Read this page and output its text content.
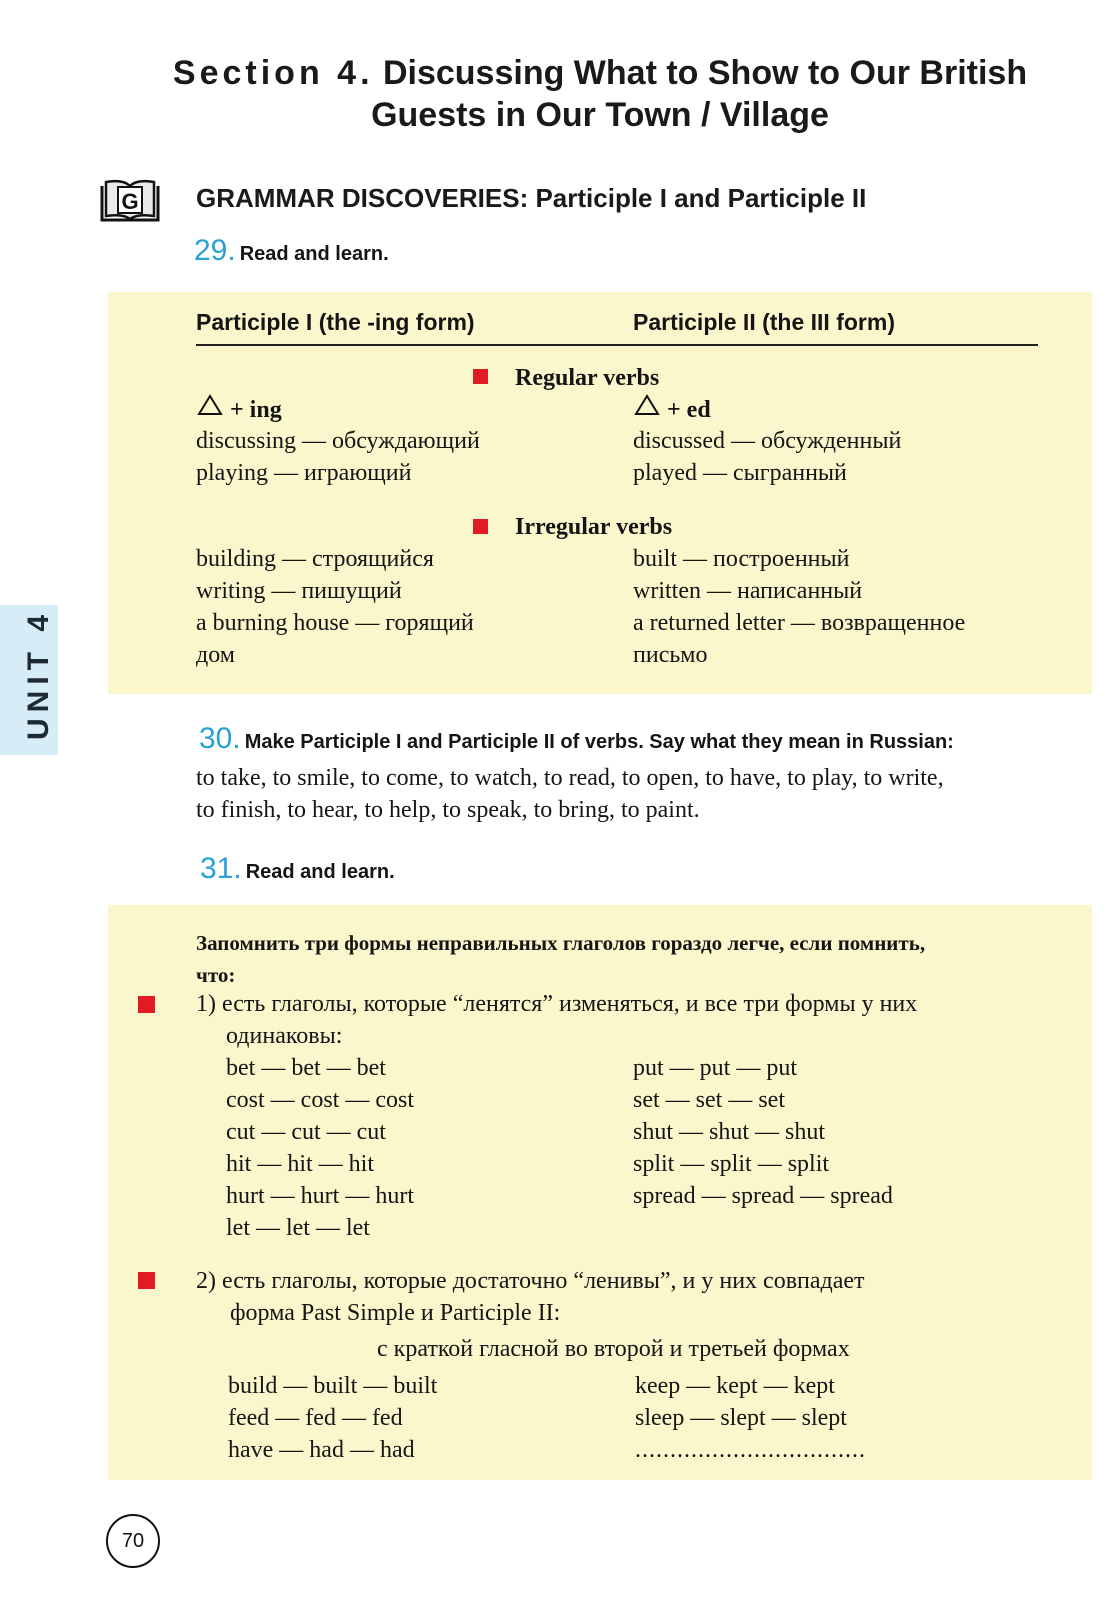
Section 4. Discussing What to Show to Our British
Guests in Our Town / Village
UNIT 4
G GRAMMAR DISCOVERIES: Participle I and Participle II
29. Read and learn.
Participle I (the -ing form)	Participle II (the III form)
Regular verbs
+ ing	+ ed
discussing — обсуждающий
playing — играющий
discussed — обсужденный
played — сыгранный
Irregular verbs
building — строящийся
writing — пишущий
a burning house — горящий
дом
built — построенный
written — написанный
a returned letter — возвращенное
письмо
30. Make Participle I and Participle II of verbs. Say what they mean in Russian:
to take, to smile, to come, to watch, to read, to open, to have, to play, to write,
to finish, to hear, to help, to speak, to bring, to paint.
31. Read and learn.
Запомнить три формы неправильных глаголов гораздо легче, если помнить,
что:
1) есть глаголы, которые “ленятся” изменяться, и все три формы у них
одинаковы:
bet — bet — bet
cost — cost — cost
cut — cut — cut
hit — hit — hit
hurt — hurt — hurt
let — let — let
put — put — put
set — set — set
shut — shut — shut
split — split — split
spread — spread — spread
2) есть глаголы, которые достаточно “ленивы”, и у них совпадает
форма Past Simple и Participle II:
с краткой гласной во второй и третьей формах
build — built — built
feed — fed — fed
have — had — had
keep — kept — kept
sleep — slept — slept
.................................
70
